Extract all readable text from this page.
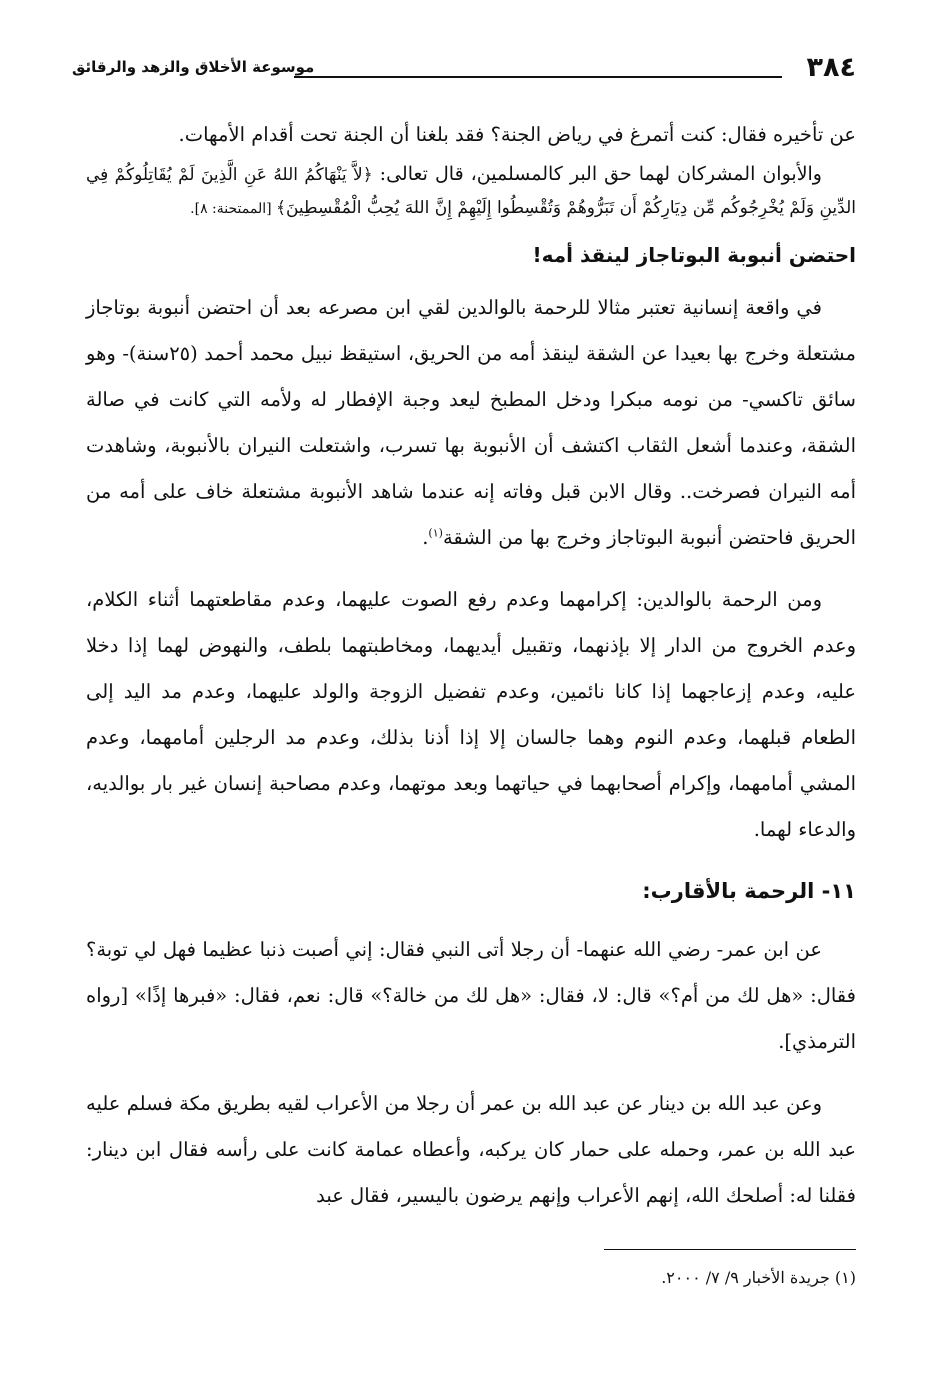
٣٨٤
موسوعة الأخلاق والزهد والرقائق

عن تأخيره فقال: كنت أتمرغ في رياض الجنة؟ فقد بلغنا أن الجنة تحت أقدام الأمهات.

والأبوان المشركان لهما حق البر كالمسلمين، قال تعالى: ﴿لاَّ يَنْهَاكُمُ اللهُ عَنِ الَّذِينَ لَمْ يُقَاتِلُوكُمْ فِي الدِّينِ وَلَمْ يُخْرِجُوكُم مِّن دِيَارِكُمْ أَن تَبَرُّوهُمْ وَتُقْسِطُوا إِلَيْهِمْ إِنَّ اللهَ يُحِبُّ الْمُقْسِطِينَ﴾ [الممتحنة: ٨].

احتضن أنبوبة البوتاجاز لينقذ أمه!

في واقعة إنسانية تعتبر مثالا للرحمة بالوالدين لقي ابن مصرعه بعد أن احتضن أنبوبة بوتاجاز مشتعلة وخرج بها بعيدا عن الشقة لينقذ أمه من الحريق، استيقظ نبيل محمد أحمد (٢٥سنة)- وهو سائق تاكسي- من نومه مبكرا ودخل المطبخ ليعد وجبة الإفطار له ولأمه التي كانت في صالة الشقة، وعندما أشعل الثقاب اكتشف أن الأنبوبة بها تسرب، واشتعلت النيران بالأنبوبة، وشاهدت أمه النيران فصرخت.. وقال الابن قبل وفاته إنه عندما شاهد الأنبوبة مشتعلة خاف على أمه من الحريق فاحتضن أنبوبة البوتاجاز وخرج بها من الشقة$^{(١)}$.

ومن الرحمة بالوالدين: إكرامهما وعدم رفع الصوت عليهما، وعدم مقاطعتهما أثناء الكلام، وعدم الخروج من الدار إلا بإذنهما، وتقبيل أيديهما، ومخاطبتهما بلطف، والنهوض لهما إذا دخلا عليه، وعدم إزعاجهما إذا كانا نائمين، وعدم تفضيل الزوجة والولد عليهما، وعدم مد اليد إلى الطعام قبلهما، وعدم النوم وهما جالسان إلا إذا أذنا بذلك، وعدم مد الرجلين أمامهما، وعدم المشي أمامهما، وإكرام أصحابهما في حياتهما وبعد موتهما، وعدم مصاحبة إنسان غير بار بوالديه، والدعاء لهما.

١١- الرحمة بالأقارب:

عن ابن عمر- رضي الله عنهما- أن رجلا أتى النبي فقال: إني أصبت ذنبا عظيما فهل لي توبة؟ فقال: «هل لك من أم؟» قال: لا، فقال: «هل لك من خالة؟» قال: نعم، فقال: «فبرها إذًا» [رواه الترمذي].

وعن عبد الله بن دينار عن عبد الله بن عمر أن رجلا من الأعراب لقيه بطريق مكة فسلم عليه عبد الله بن عمر، وحمله على حمار كان يركبه، وأعطاه عمامة كانت على رأسه فقال ابن دينار: فقلنا له: أصلحك الله، إنهم الأعراب وإنهم يرضون باليسير، فقال عبد

(١) جريدة الأخبار ٩/ ٧/ ٢٠٠٠.
